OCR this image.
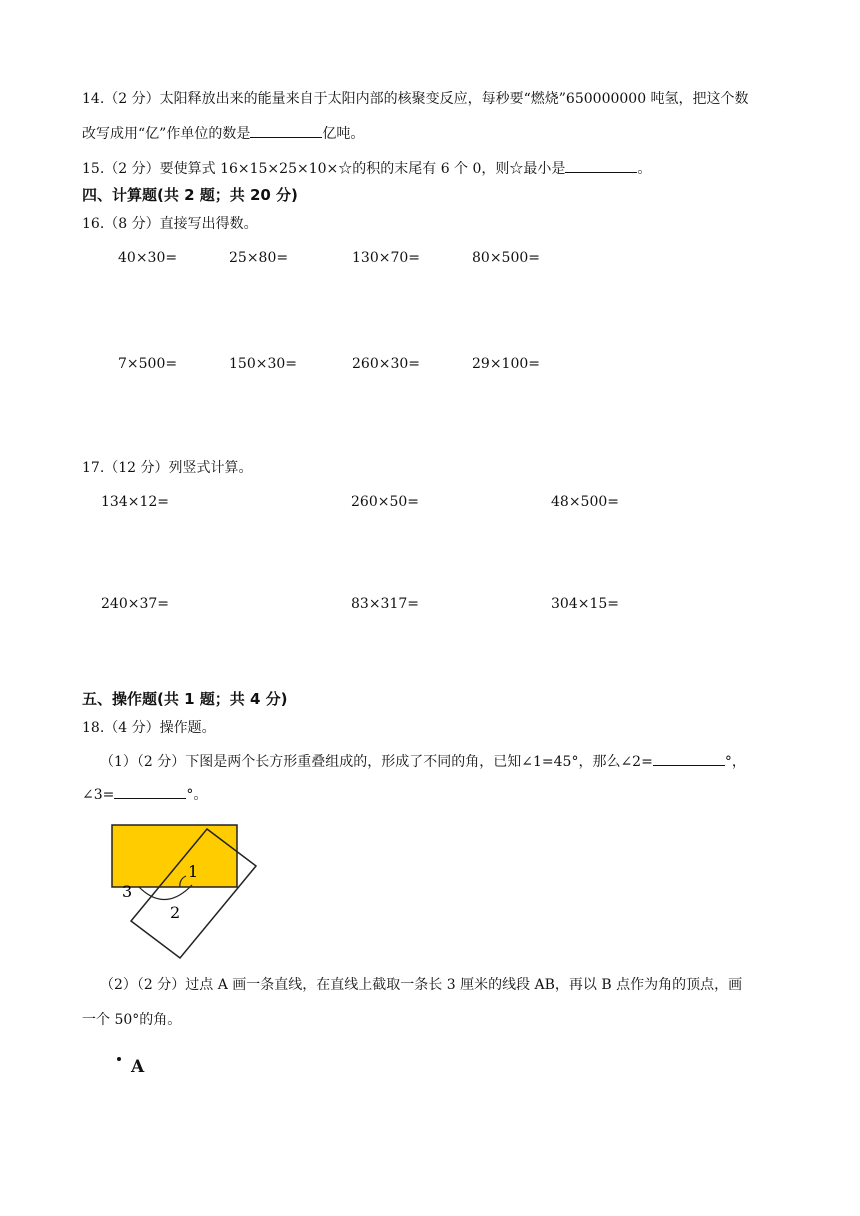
14.（2 分）太阳释放出来的能量来自于太阳内部的核聚变反应，每秒要“燃烧”650000000 吨氢，把这个数
改写成用“亿”作单位的数是	亿吨。
15.（2 分）要使算式 16×15×25×10×☆的积的末尾有 6 个 0，则☆最小是	。
四、计算题(共 2 题；共 20 分)
16.（8 分）直接写出得数。
40×30=	25×80=	130×70=	80×500=
7×500=	150×30=	260×30=	29×100=
17.（12 分）列竖式计算。
134×12=	260×50=	48×500=
240×37=	83×317=	304×15=
五、操作题(共 1 题；共 4 分)
18.（4 分）操作题。
（1）（2 分）下图是两个长方形重叠组成的，形成了不同的角，已知∠1=45°，那么∠2=	°，
∠3=	°。
1
2
3
（2）（2 分）过点 A 画一条直线，在直线上截取一条长 3 厘米的线段 AB，再以 B 点作为角的顶点，画
一个 50°的角。
A
